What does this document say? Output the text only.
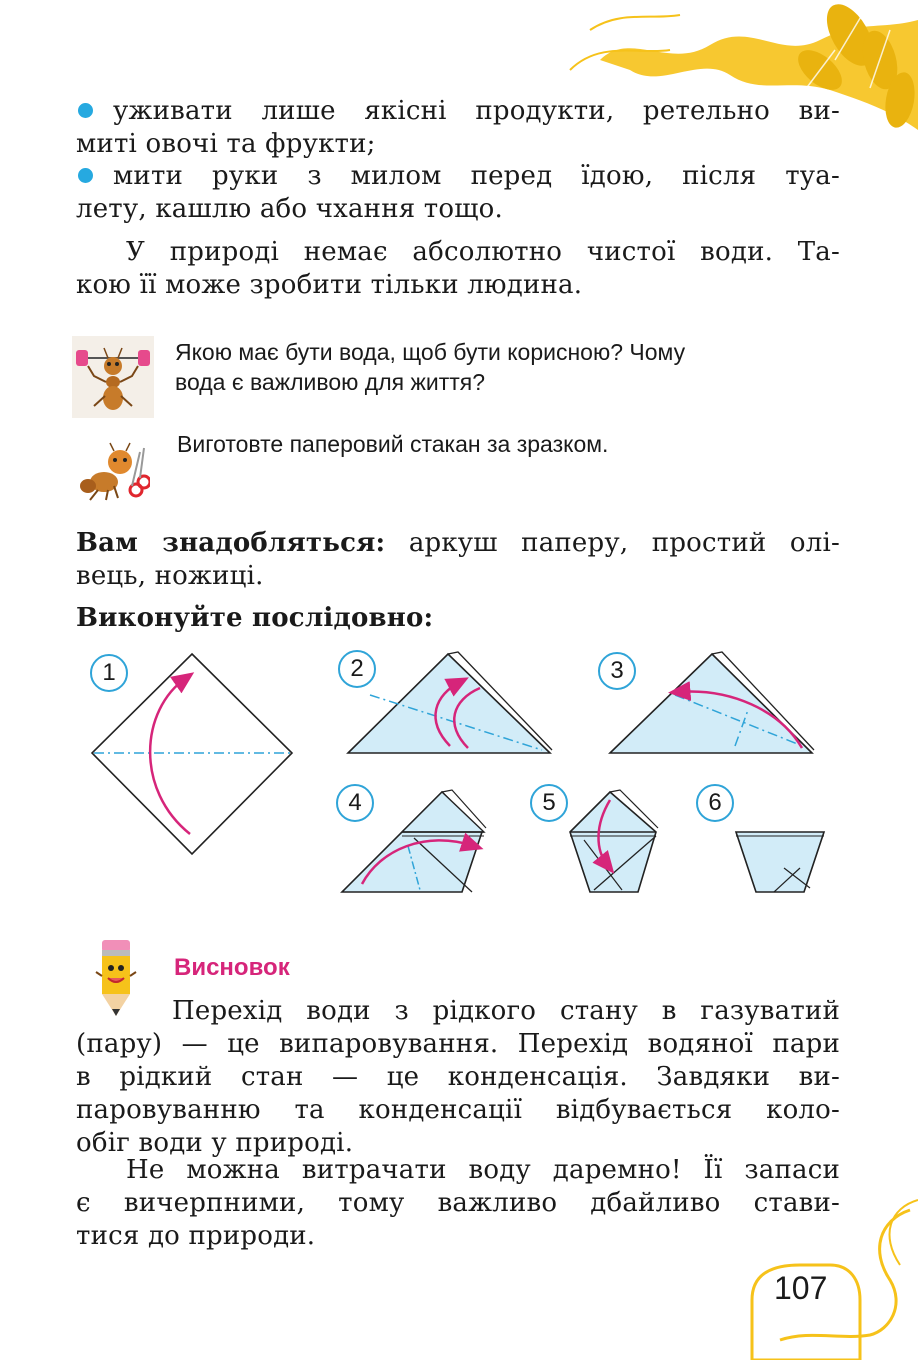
уживати лише якісні продукти, ретельно ви-
миті овочі та фрукти;
мити руки з милом перед їдою, після туа-
лету, кашлю або чхання тощо.
У природі немає абсолютно чистої води. Та-
кою її може зробити тільки людина.
Якою має бути вода, щоб бути корисною? Чому
вода є важливою для життя?
Виготовте паперовий стакан за зразком.
Вам знадобляться: аркуш паперу, простий олі-
вець, ножиці.
Виконуйте послідовно:
1	2	3
4	5	6
Висновок
Перехід води з рідкого стану в газуватий
(пару) — це випаровування. Перехід водяної пари
в рідкий стан — це конденсація. Завдяки ви-
паровуванню та конденсації відбувається коло-
обіг води у природі.
Не можна витрачати воду даремно! Її запаси
є вичерпними, тому важливо дбайливо стави-
тися до природи.
107
